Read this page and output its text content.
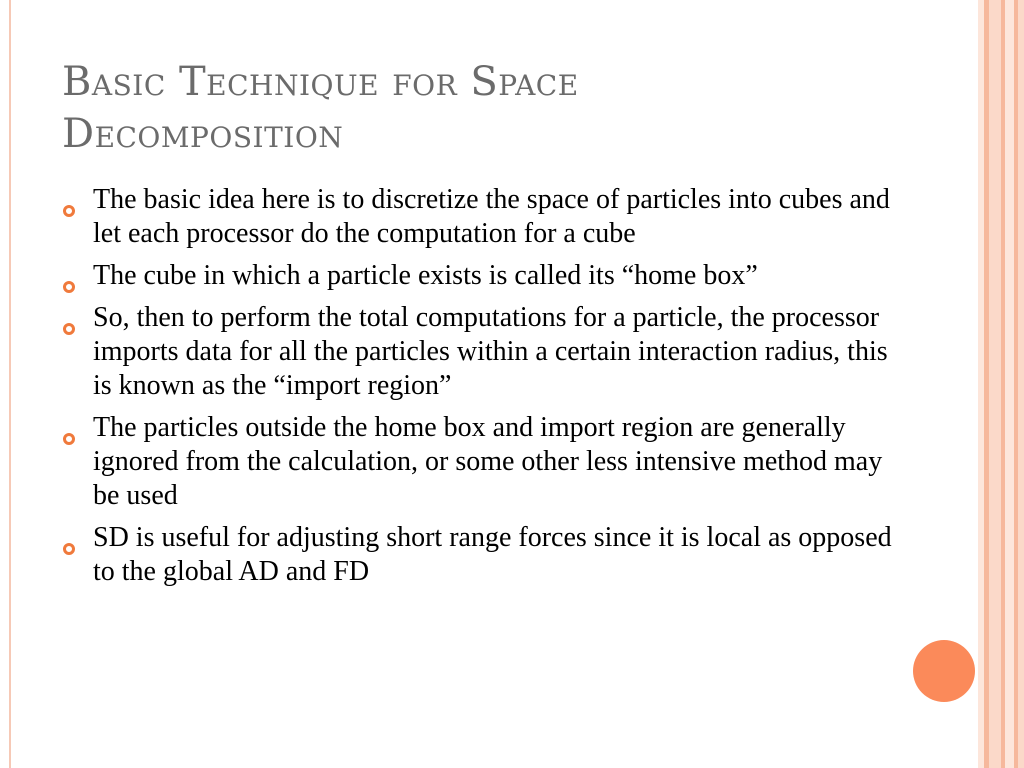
Basic Technique for Space
Decomposition
The basic idea here is to discretize the space of particles into cubes and let each processor do the computation for a cube
The cube in which a particle exists is called its “home box”
So, then to perform the total computations for a particle, the processor imports data for all the particles within a certain interaction radius, this is known as the “import region”
The particles outside the home box and import region are generally ignored from the calculation, or some other less intensive method may be used
SD is useful for adjusting short range forces since it is local as opposed to the global AD and FD
